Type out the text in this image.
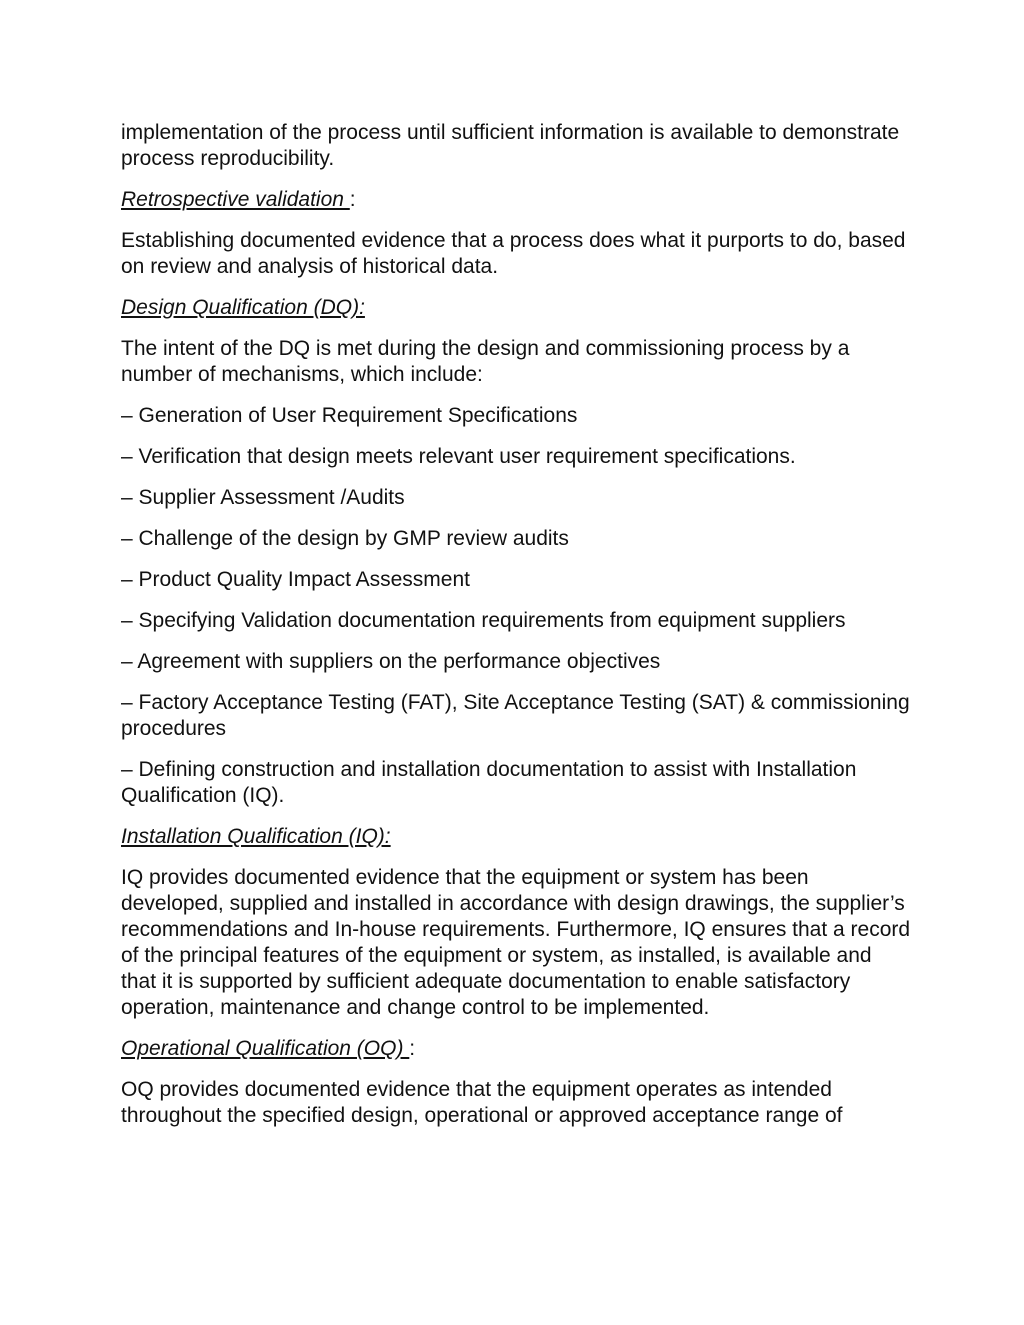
implementation of the process until sufficient information is available to demonstrate process reproducibility.

Retrospective validation :

Establishing documented evidence that a process does what it purports to do, based on review and analysis of historical data.

Design Qualification (DQ):

The intent of the DQ is met during the design and commissioning process by a number of mechanisms, which include:

– Generation of User Requirement Specifications

– Verification that design meets relevant user requirement specifications.

– Supplier Assessment /Audits

– Challenge of the design by GMP review audits

– Product Quality Impact Assessment

– Specifying Validation documentation requirements from equipment suppliers

– Agreement with suppliers on the performance objectives

– Factory Acceptance Testing (FAT), Site Acceptance Testing (SAT) & commissioning procedures

– Defining construction and installation documentation to assist with Installation Qualification (IQ).

Installation Qualification (IQ):

IQ provides documented evidence that the equipment or system has been developed, supplied and installed in accordance with design drawings, the supplier’s recommendations and In-house requirements. Furthermore, IQ ensures that a record of the principal features of the equipment or system, as installed, is available and that it is supported by sufficient adequate documentation to enable satisfactory operation, maintenance and change control to be implemented.

Operational Qualification (OQ) :

OQ provides documented evidence that the equipment operates as intended throughout the specified design, operational or approved acceptance range of
